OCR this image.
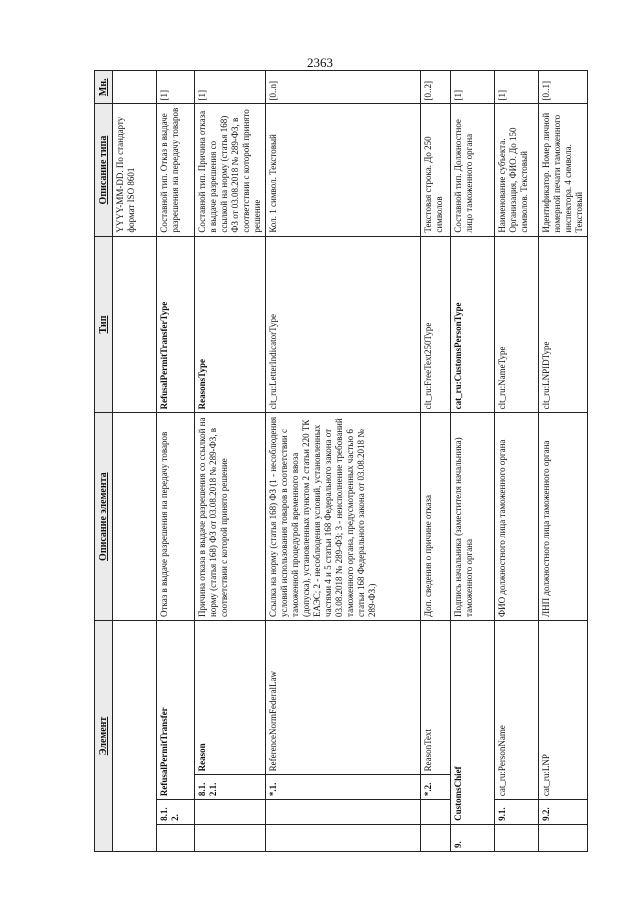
2363
Элемент				Описание элемента	Тип	Описание типа	Мн.
						YYYY-MM-DD. По стандарту формат ISO 8601	
	8.1.2.	RefusalPermitTransfer		Отказ в выдаче разрешения на передачу товаров	RefusalPermitTransferType	Составной тип. Отказ в выдаче разрешения на передачу товаров	[1]
		8.1.2.1.	Reason	Причина отказа в выдаче разрешения со ссылкой на норму (статья 168) ФЗ от 03.08.2018 № 289-ФЗ, в соответствии с которой принято решение	ReasonsType	Составной тип. Причина отказа в выдаче разрешения со ссылкой на норму (статья 168) ФЗ от 03.08.2018 № 289-ФЗ, в соответствии с которой принято решение	[1]
		*.1.	ReferenceNormFederalLaw	Ссылка на норму (статья 168) ФЗ (1 - несоблюдения условий использования товаров в соответствии с таможенной процедурой временного ввоза (допуска), установленных пунктом 2 статьи 220 ТК ЕАЭС; 2 - несоблюдения условий, установленных частями 4 и 5 статьи 168 Федерального закона от 03.08.2018 № 289-ФЗ; 3 - неисполнение требований таможенного органа, предусмотренных частью 6 статьи 168 Федерального закона от 03.08.2018 № 289-ФЗ.)	clt_ru:LetterIndicatorType	Кол. 1 символ. Текстовый	[0..n]
		*.2.	ReasonText	Доп. сведения о причине отказа	clt_ru:FreeText250Type	Текстовая строка. До 250 символов	[0..2]
9.	CustomsChief			Подпись начальника (заместителя начальника) таможенного органа	cat_ru:CustomsPersonType	Составной тип. Должностное лицо таможенного органа	[1]
	9.1.	cat_ru:PersonName		ФИО должностного лица таможенного органа	clt_ru:NameType	Наименование субъекта. Организация, ФИО. До 150 символов. Текстовый	[1]
	9.2.	cat_ru:LNP		ЛНП должностного лица таможенного органа	clt_ru:LNPIDType	Идентификатор. Номер личной номерной печати таможенного инспектора. 4 символа. Текстовый	[0..1]
